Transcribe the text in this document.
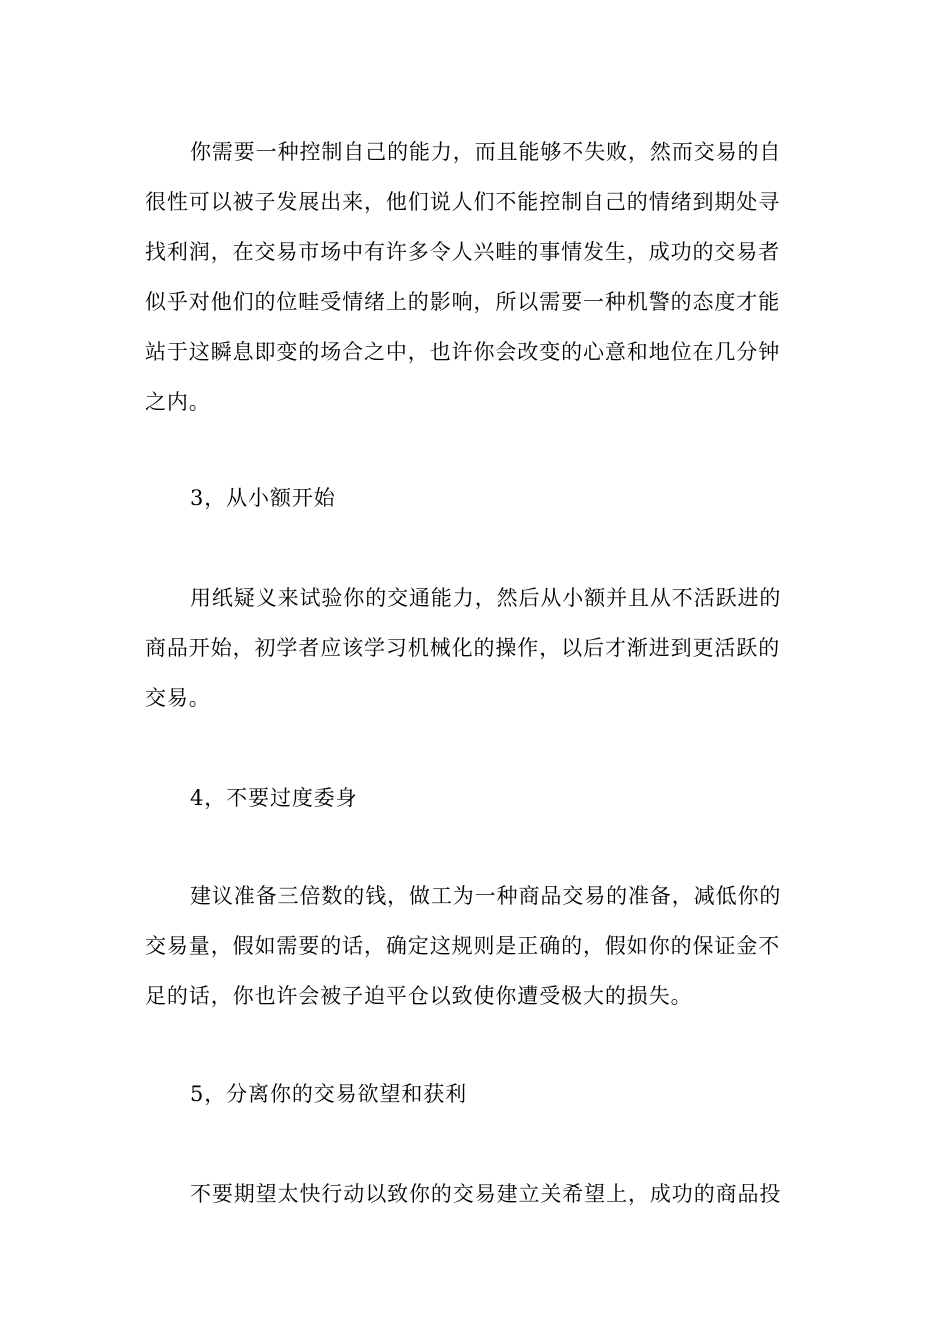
你需要一种控制自己的能力，而且能够不失败，然而交易的自
很性可以被子发展出来，他们说人们不能控制自己的情绪到期处寻
找利润，在交易市场中有许多令人兴畦的事情发生，成功的交易者
似乎对他们的位畦受情绪上的影响，所以需要一种机警的态度才能
站于这瞬息即变的场合之中，也许你会改变的心意和地位在几分钟
之内。
3，从小额开始
用纸疑义来试验你的交通能力，然后从小额并且从不活跃进的
商品开始，初学者应该学习机械化的操作，以后才渐进到更活跃的
交易。
4，不要过度委身
建议准备三倍数的钱，做工为一种商品交易的准备，减低你的
交易量，假如需要的话，确定这规则是正确的，假如你的保证金不
足的话，你也许会被子迫平仓以致使你遭受极大的损失。
5，分离你的交易欲望和获利
不要期望太快行动以致你的交易建立关希望上，成功的商品投
